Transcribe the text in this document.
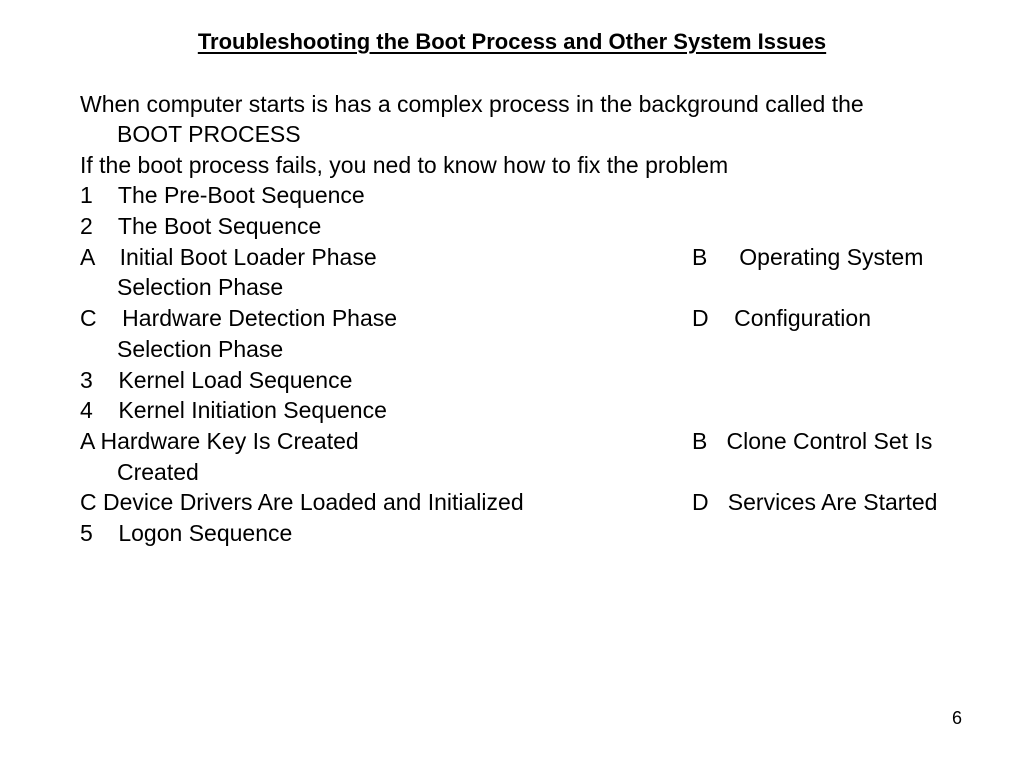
Troubleshooting the Boot Process and Other System Issues
When computer starts is has a complex process in the background called the
BOOT PROCESS
If the boot process fails, you ned to know how to fix the problem
1    The Pre-Boot Sequence
2    The Boot Sequence
A    Initial Boot Loader Phase	B     Operating System
Selection Phase
C    Hardware Detection Phase	D    Configuration
Selection Phase
3    Kernel Load Sequence
4    Kernel Initiation Sequence
A Hardware Key Is Created	B   Clone Control Set Is
Created
C Device Drivers Are Loaded and Initialized	D   Services Are Started
5    Logon Sequence
6
